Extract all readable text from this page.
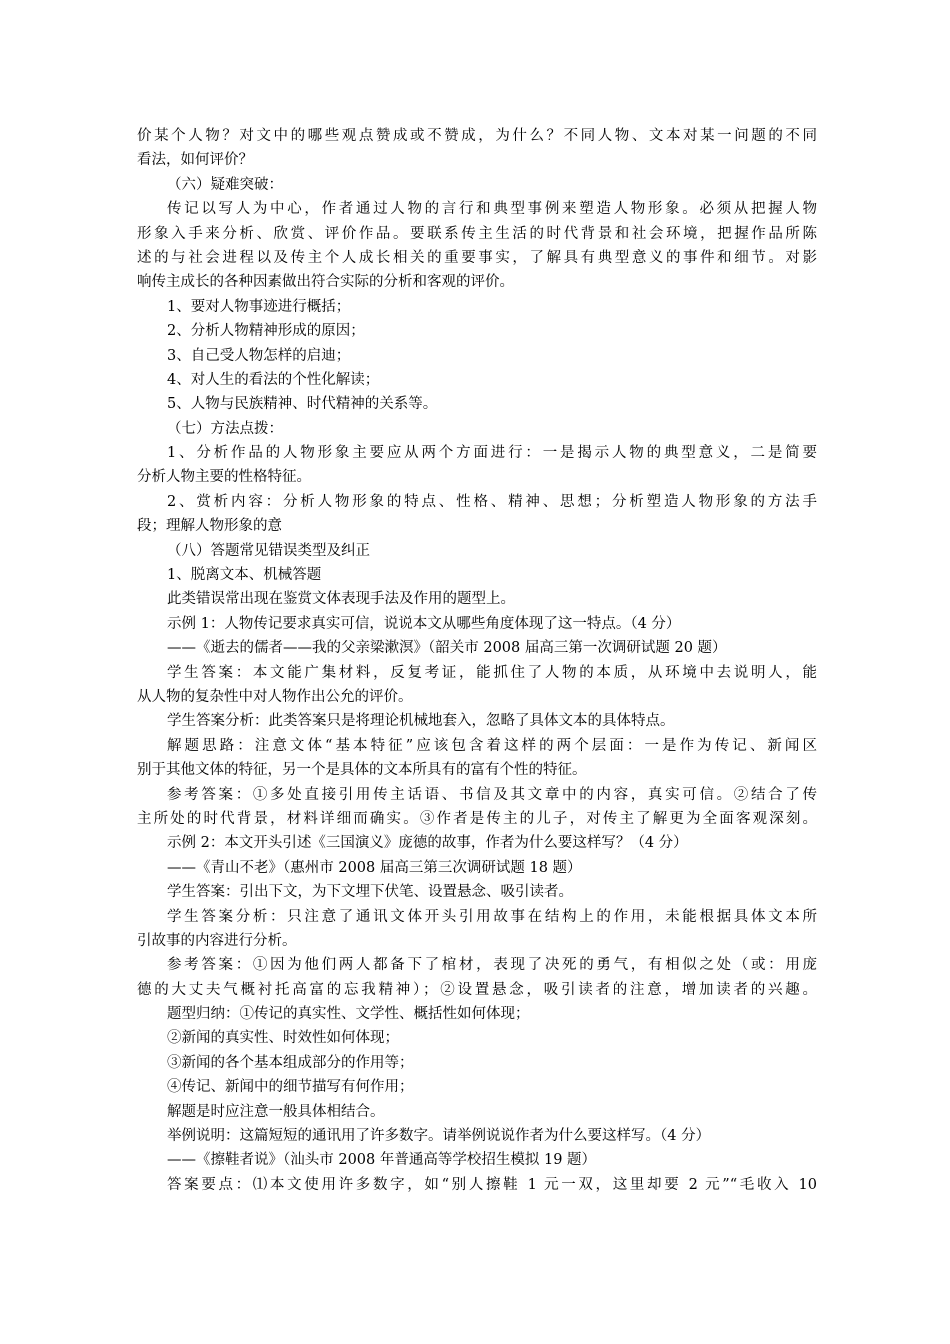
价某个人物？对文中的哪些观点赞成或不赞成，为什么？不同人物、文本对某一问题的不同
看法，如何评价？
（六）疑难突破：
传记以写人为中心，作者通过人物的言行和典型事例来塑造人物形象。必须从把握人物
形象入手来分析、欣赏、评价作品。要联系传主生活的时代背景和社会环境，把握作品所陈
述的与社会进程以及传主个人成长相关的重要事实，了解具有典型意义的事件和细节。对影
响传主成长的各种因素做出符合实际的分析和客观的评价。
1、要对人物事迹进行概括；
2、分析人物精神形成的原因；
3、自己受人物怎样的启迪；
4、对人生的看法的个性化解读；
5、人物与民族精神、时代精神的关系等。
（七）方法点拨：
1、分析作品的人物形象主要应从两个方面进行：一是揭示人物的典型意义，二是简要
分析人物主要的性格特征。
2、赏析内容：分析人物形象的特点、性格、精神、思想；分析塑造人物形象的方法手
段；理解人物形象的意
（八）答题常见错误类型及纠正
1、脱离文本、机械答题
此类错误常出现在鉴赏文体表现手法及作用的题型上。
示例 1：人物传记要求真实可信，说说本文从哪些角度体现了这一特点。（4 分）
——《逝去的儒者——我的父亲梁漱溟》（韶关市 2008 届高三第一次调研试题 20 题）
学生答案：本文能广集材料，反复考证，能抓住了人物的本质，从环境中去说明人，能
从人物的复杂性中对人物作出公允的评价。
学生答案分析：此类答案只是将理论机械地套入，忽略了具体文本的具体特点。
解题思路：注意文体“基本特征”应该包含着这样的两个层面：一是作为传记、新闻区
别于其他文体的特征，另一个是具体的文本所具有的富有个性的特征。
参考答案：①多处直接引用传主话语、书信及其文章中的内容，真实可信。②结合了传
主所处的时代背景，材料详细而确实。③作者是传主的儿子，对传主了解更为全面客观深刻。
示例 2：本文开头引述《三国演义》庞德的故事，作者为什么要这样写？（4 分）
——《青山不老》（惠州市 2008 届高三第三次调研试题 18 题）
学生答案：引出下文，为下文埋下伏笔、设置悬念、吸引读者。
学生答案分析：只注意了通讯文体开头引用故事在结构上的作用，未能根据具体文本所
引故事的内容进行分析。
参考答案：①因为他们两人都备下了棺材，表现了决死的勇气，有相似之处（或：用庞
德的大丈夫气概衬托高富的忘我精神）；②设置悬念，吸引读者的注意，增加读者的兴趣。
题型归纳：①传记的真实性、文学性、概括性如何体现；
②新闻的真实性、时效性如何体现；
③新闻的各个基本组成部分的作用等；
④传记、新闻中的细节描写有何作用；
解题是时应注意一般具体相结合。
举例说明：这篇短短的通讯用了许多数字。请举例说说作者为什么要这样写。（4 分）
——《擦鞋者说》（汕头市 2008 年普通高等学校招生模拟 19 题）
答案要点：⑴本文使用许多数字，如“别人擦鞋 1 元一双，这里却要 2 元”“毛收入 10
